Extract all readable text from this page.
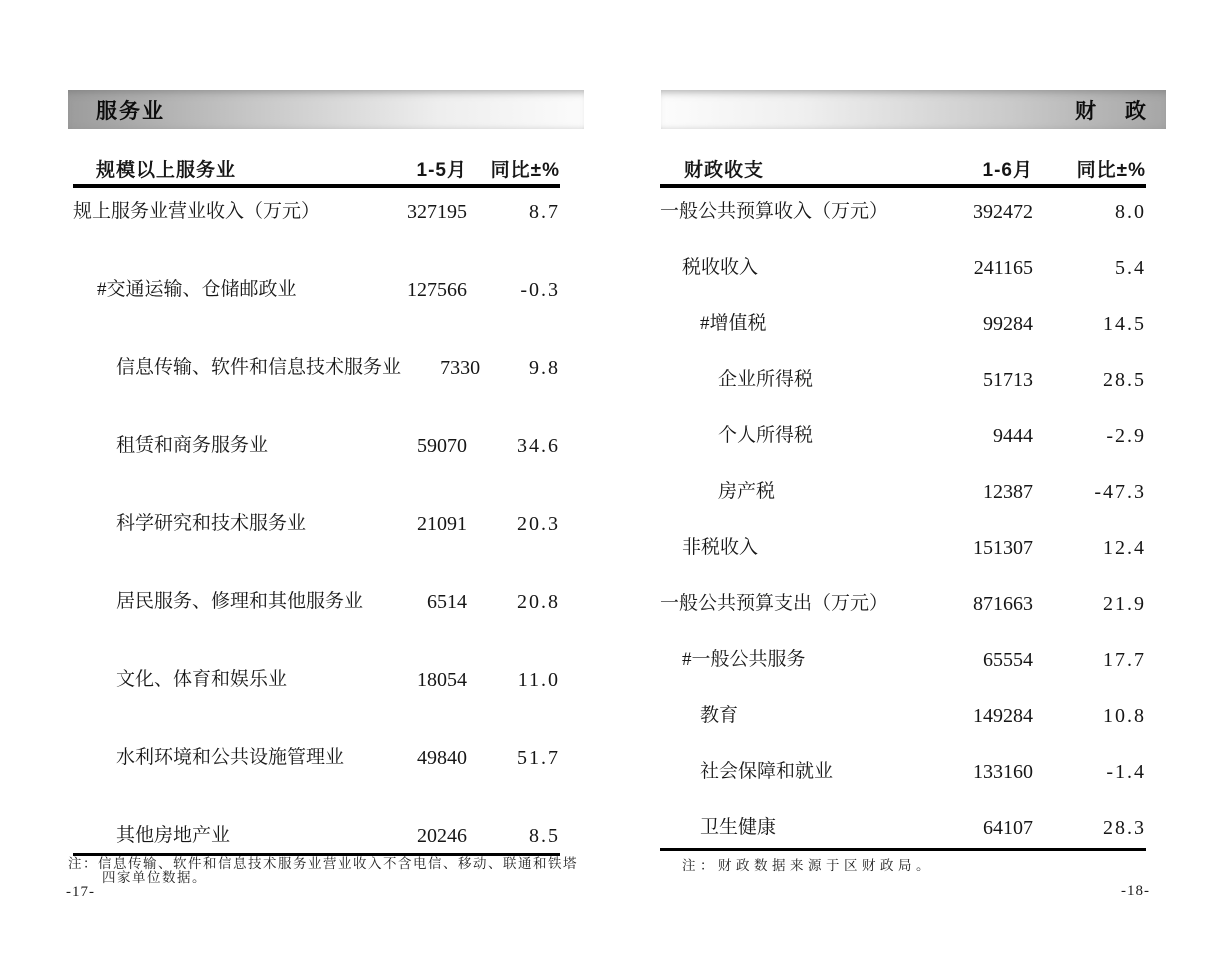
服务业
规模以上服务业	1-5月	同比±%
规上服务业营业收入（万元）	327195	8.7
#交通运输、仓储邮政业	127566	-0.3
信息传输、软件和信息技术服务业	7330	9.8
租赁和商务服务业	59070	34.6
科学研究和技术服务业	21091	20.3
居民服务、修理和其他服务业	6514	20.8
文化、体育和娱乐业	18054	11.0
水利环境和公共设施管理业	49840	51.7
其他房地产业	20246	8.5
注：信息传输、软件和信息技术服务业营业收入不含电信、移动、联通和铁塔四家单位数据。
-17-
财　政
财政收支	1-6月	同比±%
一般公共预算收入（万元）	392472	8.0
税收收入	241165	5.4
#增值税	99284	14.5
企业所得税	51713	28.5
个人所得税	9444	-2.9
房产税	12387	-47.3
非税收入	151307	12.4
一般公共预算支出（万元）	871663	21.9
#一般公共服务	65554	17.7
教育	149284	10.8
社会保障和就业	133160	-1.4
卫生健康	64107	28.3
注：财政数据来源于区财政局。
-18-
